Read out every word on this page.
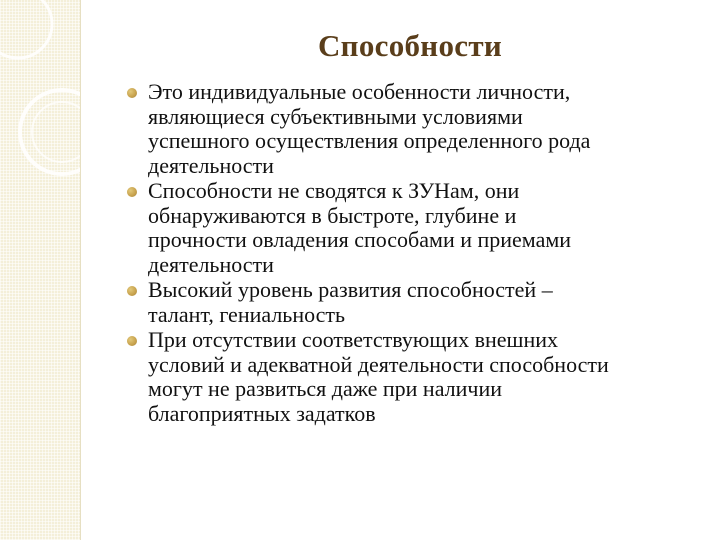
Способности
Это индивидуальные особенности личности,
являющиеся субъективными условиями
успешного осуществления определенного рода
деятельности
Способности не сводятся к ЗУНам, они
обнаруживаются в быстроте, глубине и
прочности овладения способами и приемами
деятельности
Высокий уровень развития способностей –
талант, гениальность
При отсутствии соответствующих внешних
условий и адекватной деятельности способности
могут не развиться даже при наличии
благоприятных задатков
